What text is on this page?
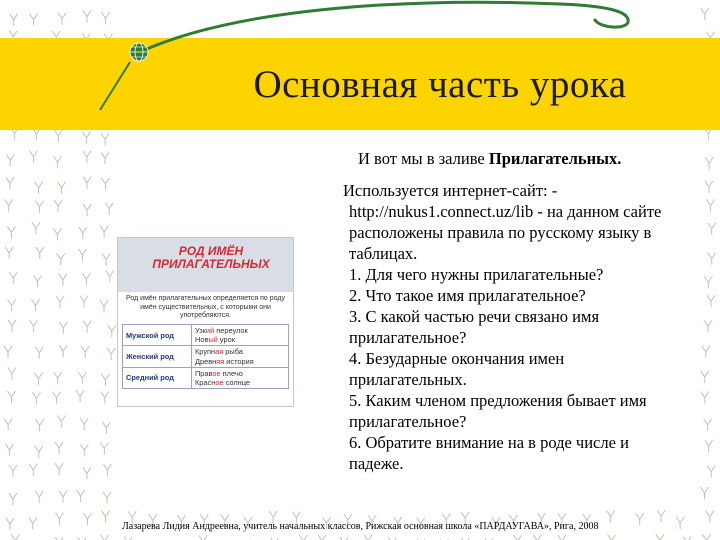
Основная часть урока
И вот мы в заливе Прилагательных.

Используется интернет-сайт: -

http://nukus1.connect.uz/lib - на данном сайте

расположены правила по русскому языку в

таблицах.

1. Для чего нужны прилагательные?
2. Что такое имя прилагательное?
3. С какой частью речи связано имя
прилагательное?
4. Безударные окончания имен
прилагательных.
5. Каким членом предложения бывает имя
прилагательное?
6. Обратите внимание на в роде числе и
падеже.
РОД ИМЁН
ПРИЛАГАТЕЛЬНЫХ
Род имён прилагательных определяется по роду имён существительных, с которыми они употребляются.
Мужской род	Узкий переулок
Новый урок

Женский род	Крупная рыба
Древняя история

Средний род	Правое плечо
Красное солнце
Лазарева Лидия Андреевна, учитель начальных классов, Рижская основная школа «ПАРДАУГАВА», Рига, 2008
